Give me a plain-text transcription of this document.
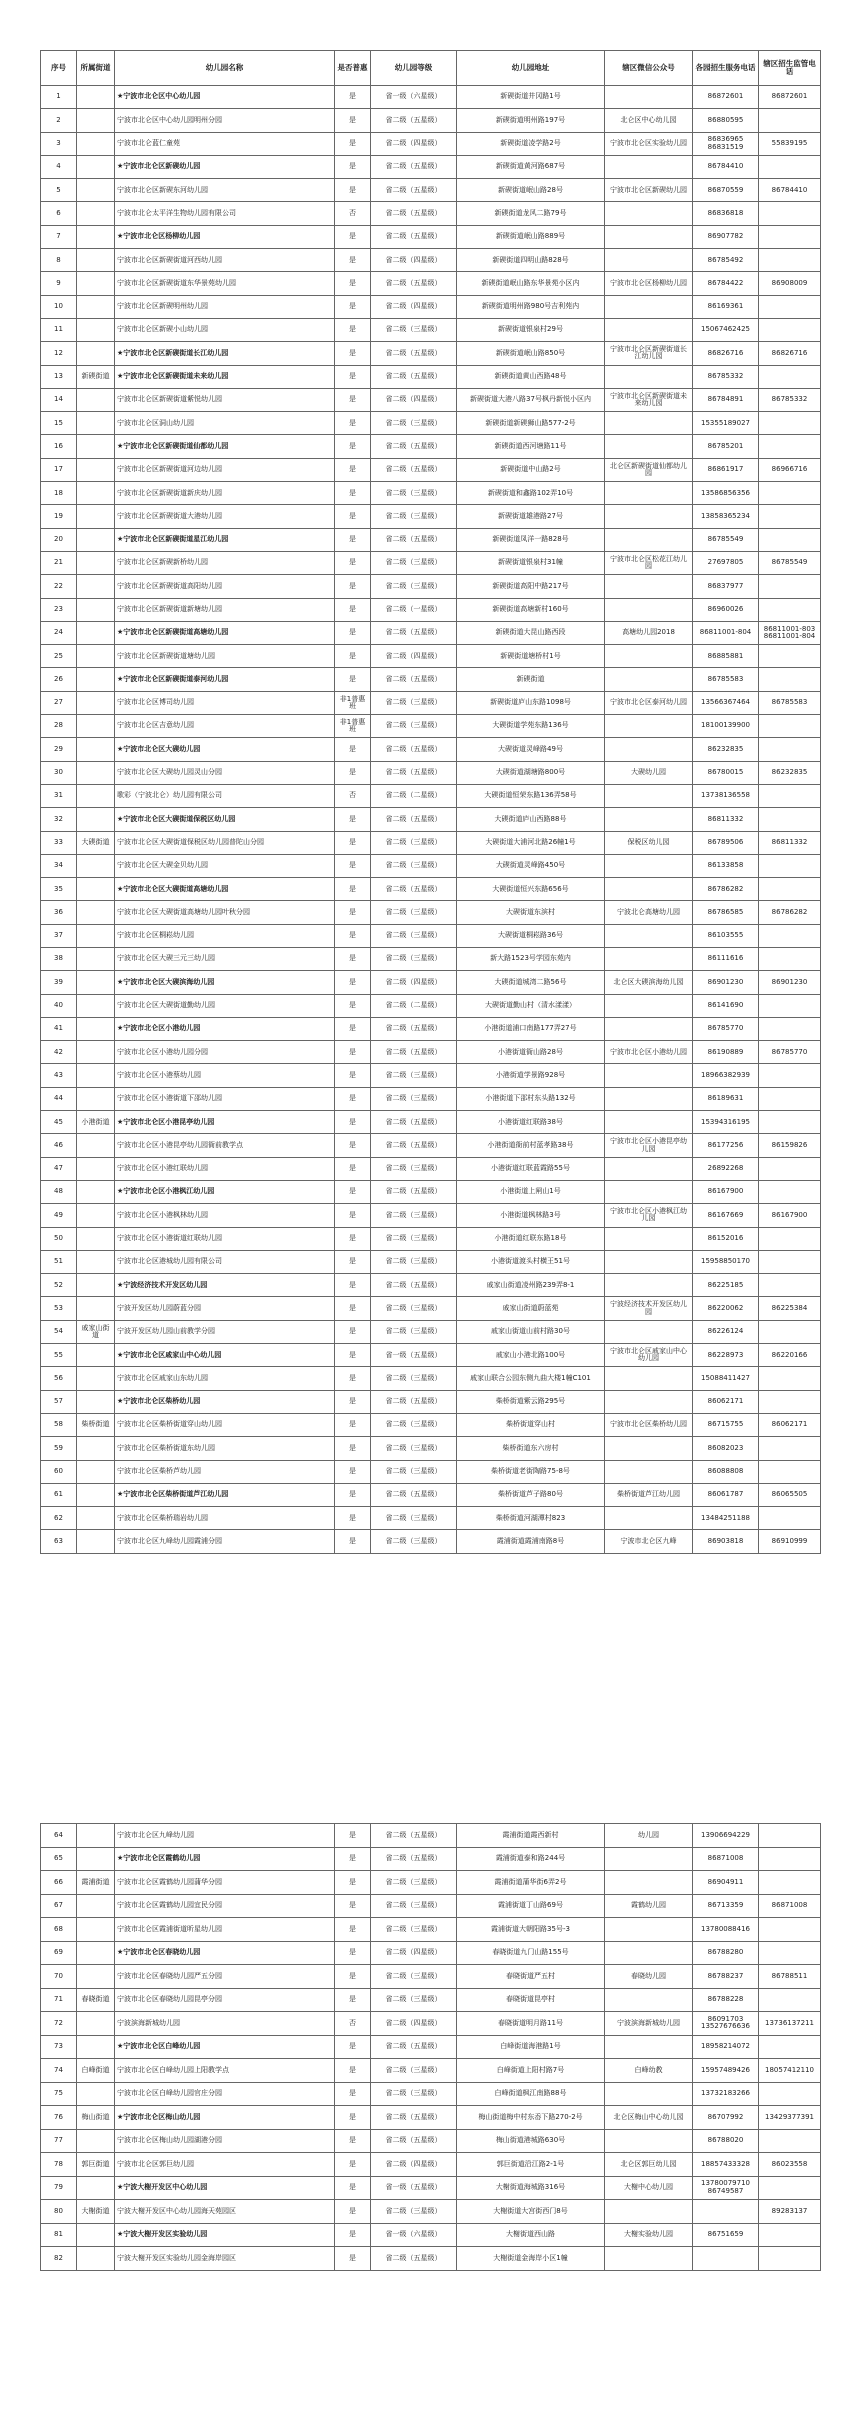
序号	所属街道	幼儿园名称	是否普惠	幼儿园等级	幼儿园地址	辖区微信公众号	各园招生服务电话	辖区招生监管电话
1		★宁波市北仑区中心幼儿园	是	省一级（六星级）	新碶街道井冈路1号		86872601	86872601
2		宁波市北仑区中心幼儿园明州分园	是	省二级（五星级）	新碶街道明州路197号	北仑区中心幼儿园	86880595	
3		宁波市北仑蓝仁童苑	是	省二级（四星级）	新碶街道凌学路2号	宁波市北仑区实验幼儿园	86836965 86831519	55839195
4		★宁波市北仑区新碶幼儿园	是	省二级（五星级）	新碶街道黄河路687号		86784410	
5		宁波市北仑区新碶东河幼儿园	是	省二级（五星级）	新碶街道岷山路28号	宁波市北仑区新碶幼儿园	86870559	86784410
6		宁波市北仑太平洋生物幼儿园有限公司	否	省二级（五星级）	新碶街道龙风二路79号		86836818	
7		★宁波市北仑区杨柳幼儿园	是	省二级（五星级）	新碶街道岷山路889号		86907782	
8		宁波市北仑区新碶街道河西幼儿园	是	省二级（四星级）	新碶街道四明山路828号		86785492	
9		宁波市北仑区新碶街道东华景苑幼儿园	是	省二级（五星级）	新碶街道岷山路东华景苑小区内	宁波市北仑区杨柳幼儿园	86784422	86908009
10		宁波市北仑区新碶明州幼儿园	是	省二级（四星级）	新碶街道明州路980号吉利苑内		86169361	
11		宁波市北仑区新碶小山幼儿园	是	省二级（三星级）	新碶街道银泉村29号		15067462425	
12		★宁波市北仑区新碶街道长江幼儿园	是	省二级（五星级）	新碶街道岷山路850号	宁波市北仑区新碶街道长江幼儿园	86826716	86826716
13	新碶街道	★宁波市北仑区新碶街道未来幼儿园	是	省二级（五星级）	新碶街道黄山西路48号		86785332	
14		宁波市北仑区新碶街道紫悦幼儿园	是	省二级（四星级）	新碶街道大港八路37号枫丹新悦小区内	宁波市北仑区新碶街道未来幼儿园	86784891	86785332
15		宁波市北仑区洞山幼儿园	是	省二级（三星级）	新碶街道新碶狮山路577-2号		15355189027	
16		★宁波市北仑区新碶街道仙都幼儿园	是	省二级（五星级）	新碶街道西河塘路11号		86785201	
17		宁波市北仑区新碶街道河边幼儿园	是	省二级（五星级）	新碶街道中山路2号	北仑区新碶街道仙都幼儿园	86861917	86966716
18		宁波市北仑区新碶街道新庆幼儿园	是	省二级（三星级）	新碶街道和鑫路102弄10号		13586856356	
19		宁波市北仑区新碶街道大港幼儿园	是	省二级（三星级）	新碶街道雄港路27号		13858365234	
20		★宁波市北仑区新碶街道星江幼儿园	是	省二级（五星级）	新碶街道凤洋一路828号		86785549	
21		宁波市北仑区新碶新桥幼儿园	是	省二级（三星级）	新碶街道银泉村31幢	宁波市北仑区松花江幼儿园	27697805	86785549
22		宁波市北仑区新碶街道高阳幼儿园	是	省二级（三星级）	新碶街道高阳中路217号		86837977	
23		宁波市北仑区新碶街道新塘幼儿园	是	省二级（一星级）	新碶街道高塘新村160号		86960026	
24		★宁波市北仑区新碶街道高塘幼儿园	是	省二级（五星级）	新碶街道大昆山路西段	高塘幼儿园2018	86811001-804	86811001-803 86811001-804
25		宁波市北仑区新碶街道塘幼儿园	是	省二级（四星级）	新碶街道塘桥村1号		86885881	
26		★宁波市北仑区新碶街道泰河幼儿园	是	省二级（五星级）	新碶街道		86785583	
27		宁波市北仑区博司幼儿园	非1普惠班	省二级（三星级）	新碶街道庐山东路1098号	宁波市北仑区泰河幼儿园	13566367464	86785583
28		宁波市北仑区吉意幼儿园	非1普惠班	省二级（三星级）	大碶街道学苑东路136号		18100139900	
29		★宁波市北仑区大碶幼儿园	是	省二级（五星级）	大碶街道灵峰路49号		86232835	
30		宁波市北仑区大碶幼儿园灵山分园	是	省二级（五星级）	大碶街道湖塘路800号	大碶幼儿园	86780015	86232835
31		歌彩（宁波北仑）幼儿园有限公司	否	省二级（二星级）	大碶街道恒荣东路136弄58号		13738136558	
32		★宁波市北仑区大碶街道保税区幼儿园	是	省二级（五星级）	大碶街道庐山西路88号		86811332	
33	大碶街道	宁波市北仑区大碶街道保税区幼儿园普陀山分园	是	省二级（三星级）	大碶街道大浦河北路26幢1号	保税区幼儿园	86789506	86811332
34		宁波市北仑区大碶金贝幼儿园	是	省二级（三星级）	大碶街道灵峰路450号		86133858	
35		★宁波市北仑区大碶街道高塘幼儿园	是	省二级（五星级）	大碶街道恒兴东路656号		86786282	
36		宁波市北仑区大碶街道高塘幼儿园叶秋分园	是	省二级（三星级）	大碶街道东滨村	宁波北仑高塘幼儿园	86786585	86786282
37		宁波市北仑区桐崧幼儿园	是	省二级（三星级）	大碶街道桐崧路36号		86103555	
38		宁波市北仑区大碶三元三幼儿园	是	省二级（三星级）	新大路1523号学园东苑内		86111616	
39		★宁波市北仑区大碶滨海幼儿园	是	省二级（四星级）	大碶街道城湾二路56号	北仑区大碶滨海幼儿园	86901230	86901230
40		宁波市北仑区大碶街道勤幼儿园	是	省二级（二星级）	大碶街道勤山村（清水漾漾）		86141690	
41		★宁波市北仑区小港幼儿园	是	省二级（五星级）	小港街道浦口南路177弄27号		86785770	
42		宁波市北仑区小港幼儿园分园	是	省二级（五星级）	小港街道衙山路28号	宁波市北仑区小港幼儿园	86190889	86785770
43		宁波市北仑区小港蔡幼儿园	是	省二级（三星级）	小港街道学景路928号		18966382939	
44		宁波市北仑区小港街道下邵幼儿园	是	省二级（三星级）	小港街道下邵村东头路132号		86189631	
45	小港街道	★宁波市北仑区小港昆亭幼儿园	是	省二级（五星级）	小港街道红联路38号		15394316195	
46		宁波市北仑区小港昆亭幼儿园衙前教学点	是	省二级（五星级）	小港街道衙前村蓝孝路38号	宁波市北仑区小港昆亭幼儿园	86177256	86159826
47		宁波市北仑区小港红联幼儿园	是	省二级（三星级）	小港街道红联蓝霞路55号		26892268	
48		★宁波市北仑区小港枫江幼儿园	是	省二级（五星级）	小港街道上闸山1号		86167900	
49		宁波市北仑区小港枫林幼儿园	是	省二级（三星级）	小港街道枫林路3号	宁波市北仑区小港枫江幼儿园	86167669	86167900
50		宁波市北仑区小港街道红联幼儿园	是	省二级（三星级）	小港街道红联东路18号		86152016	
51		宁波市北仑区港城幼儿园有限公司	是	省二级（三星级）	小港街道渡头村横王51号		15958850170	
52		★宁波经济技术开发区幼儿园	是	省二级（五星级）	戚家山街道凌州路239弄8-1		86225185	
53		宁波开发区幼儿园蔚蓝分园	是	省二级（三星级）	戚家山街道蔚蓝苑	宁波经济技术开发区幼儿园	86220062	86225384
54	戚家山街道	宁波开发区幼儿园山前教学分园	是	省二级（三星级）	戚家山街道山前村路30号		86226124	
55		★宁波市北仑区戚家山中心幼儿园	是	省一级（五星级）	戚家山小港北路100号	宁波市北仑区戚家山中心幼儿园	86228973	86220166
56		宁波市北仑区戚家山东幼儿园	是	省二级（三星级）	戚家山联合公园东侧九曲大楼1幢C101		15088411427	
57		★宁波市北仑区柴桥幼儿园	是	省二级（五星级）	柴桥街道紫云路295号		86062171	
58	柴桥街道	宁波市北仑区柴桥街道穿山幼儿园	是	省二级（三星级）	柴桥街道穿山村	宁波市北仑区柴桥幼儿园	86715755	86062171
59		宁波市北仑区柴桥街道东幼儿园	是	省二级（三星级）	柴桥街道东六房村		86082023	
60		宁波市北仑区柴桥芦幼儿园	是	省二级（三星级）	柴桥街道老街陶路75-8号		86088808	
61		★宁波市北仑区柴桥街道芦江幼儿园	是	省二级（五星级）	柴桥街道芦子路80号	柴桥街道芦江幼儿园	86061787	86065505
62		宁波市北仑区柴桥瑞岩幼儿园	是	省二级（三星级）	柴桥街道河湖潭村823		13484251188	
63		宁波市北仑区九峰幼儿园霞浦分园	是	省二级（三星级）	霞浦街道霞浦南路8号	宁波市北仑区九峰	86903818	86910999
64		宁波市北仑区九峰幼儿园	是	省二级（五星级）	霞浦街道霞西新村	幼儿园	13906694229	
65		★宁波市北仑区霞鹤幼儿园	是	省二级（五星级）	霞浦街道泰和路244号		86871008	
66	霞浦街道	宁波市北仑区霞鹤幼儿园蒲华分园	是	省二级（三星级）	霞浦街道蒲华街6弄2号		86904911	
67		宁波市北仑区霞鹤幼儿园宜民分园	是	省二级（三星级）	霞浦街道丁山路69号	霞鹤幼儿园	86713359	86871008
68		宁波市北仑区霞浦街道昕星幼儿园	是	省二级（三星级）	霞浦街道大朝阳路35号-3		13780088416	
69		★宁波市北仑区春晓幼儿园	是	省二级（四星级）	春晓街道九门山路155号		86788280	
70		宁波市北仑区春晓幼儿园严五分园	是	省二级（三星级）	春晓街道严五村	春晓幼儿园	86788237	86788511
71	春晓街道	宁波市北仑区春晓幼儿园昆亭分园	是	省二级（三星级）	春晓街道昆亭村		86788228	
72		宁波滨海新城幼儿园	否	省二级（四星级）	春晓街道明月路11号	宁波滨海新城幼儿园	86091703 13527676636	13736137211
73		★宁波市北仑区白峰幼儿园	是	省二级（五星级）	白峰街道海港路1号		18958214072	
74	白峰街道	宁波市北仑区白峰幼儿园上阳教学点	是	省二级（三星级）	白峰街道上阳村路7号	白峰幼教	15957489426	18057412110
75		宁波市北仑区白峰幼儿园官庄分园	是	省二级（三星级）	白峰街道枫江南路88号		13732183266	
76	梅山街道	★宁波市北仑区梅山幼儿园	是	省二级（五星级）	梅山街道梅中村东岙下路270-2号	北仑区梅山中心幼儿园	86707992	13429377391
77		宁波市北仑区梅山幼儿园湖港分园	是	省二级（五星级）	梅山街道港城路630号		86788020	
78	郭巨街道	宁波市北仑区郭巨幼儿园	是	省二级（四星级）	郭巨街道沿江路2-1号	北仑区郭巨幼儿园	18857433328	86023558
79		★宁波大榭开发区中心幼儿园	是	省一级（五星级）	大榭街道海城路316号	大榭中心幼儿园	13780079710 86749587	
80	大榭街道	宁波大榭开发区中心幼儿园海天苑园区	是	省二级（三星级）	大榭街道大宫街西门8号			89283137
81		★宁波大榭开发区实验幼儿园	是	省一级（六星级）	大榭街道西山路	大榭实验幼儿园	86751659	
82		宁波大榭开发区实验幼儿园金海岸园区	是	省二级（五星级）	大榭街道金海岸小区1幢			
